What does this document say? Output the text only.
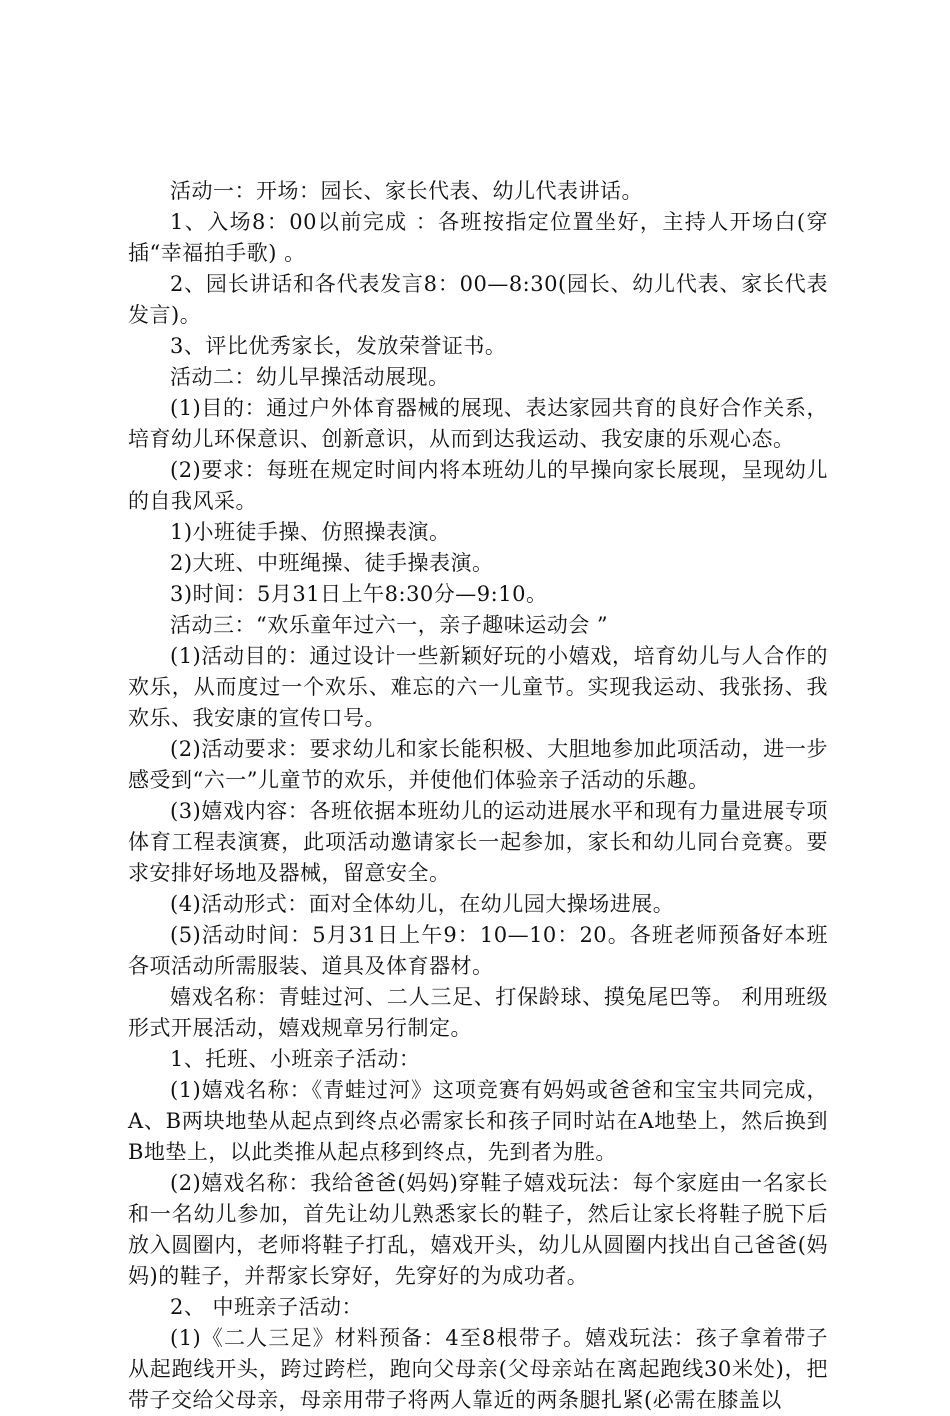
活动一：开场：园长、家长代表、幼儿代表讲话。

1、入场8：00以前完成 ：各班按指定位置坐好，主持人开场白(穿插“幸福拍手歌) 。

2、园长讲话和各代表发言8：00—8:30(园长、幼儿代表、家长代表发言)。

3、评比优秀家长，发放荣誉证书。

活动二：幼儿早操活动展现。

(1)目的：通过户外体育器械的展现、表达家园共育的良好合作关系，培育幼儿环保意识、创新意识，从而到达我运动、我安康的乐观心态。

(2)要求：每班在规定时间内将本班幼儿的早操向家长展现，呈现幼儿的自我风采。

1)小班徒手操、仿照操表演。

2)大班、中班绳操、徒手操表演。

3)时间：5月31日上午8:30分—9:10。

活动三：“欢乐童年过六一，亲子趣味运动会 ”

(1)活动目的：通过设计一些新颖好玩的小嬉戏，培育幼儿与人合作的欢乐，从而度过一个欢乐、难忘的六一儿童节。实现我运动、我张扬、我欢乐、我安康的宣传口号。

(2)活动要求：要求幼儿和家长能积极、大胆地参加此项活动，进一步感受到“六一”儿童节的欢乐，并使他们体验亲子活动的乐趣。

(3)嬉戏内容：各班依据本班幼儿的运动进展水平和现有力量进展专项体育工程表演赛，此项活动邀请家长一起参加，家长和幼儿同台竞赛。要求安排好场地及器械，留意安全。

(4)活动形式：面对全体幼儿，在幼儿园大操场进展。

(5)活动时间：5月31日上午9：10—10：20。各班老师预备好本班各项活动所需服装、道具及体育器材。

嬉戏名称：青蛙过河、二人三足、打保龄球、摸兔尾巴等。 利用班级形式开展活动，嬉戏规章另行制定。

1、托班、小班亲子活动：

(1)嬉戏名称：《青蛙过河》这项竞赛有妈妈或爸爸和宝宝共同完成，A、B两块地垫从起点到终点必需家长和孩子同时站在A地垫上，然后换到B地垫上，以此类推从起点移到终点，先到者为胜。

(2)嬉戏名称：我给爸爸(妈妈)穿鞋子嬉戏玩法：每个家庭由一名家长和一名幼儿参加，首先让幼儿熟悉家长的鞋子，然后让家长将鞋子脱下后放入圆圈内，老师将鞋子打乱，嬉戏开头，幼儿从圆圈内找出自己爸爸(妈妈)的鞋子，并帮家长穿好，先穿好的为成功者。

2、 中班亲子活动：

(1)《二人三足》材料预备：4至8根带子。嬉戏玩法：孩子拿着带子从起跑线开头，跨过跨栏，跑向父母亲(父母亲站在离起跑线30米处)，把带子交给父母亲，母亲用带子将两人靠近的两条腿扎紧(必需在膝盖以
